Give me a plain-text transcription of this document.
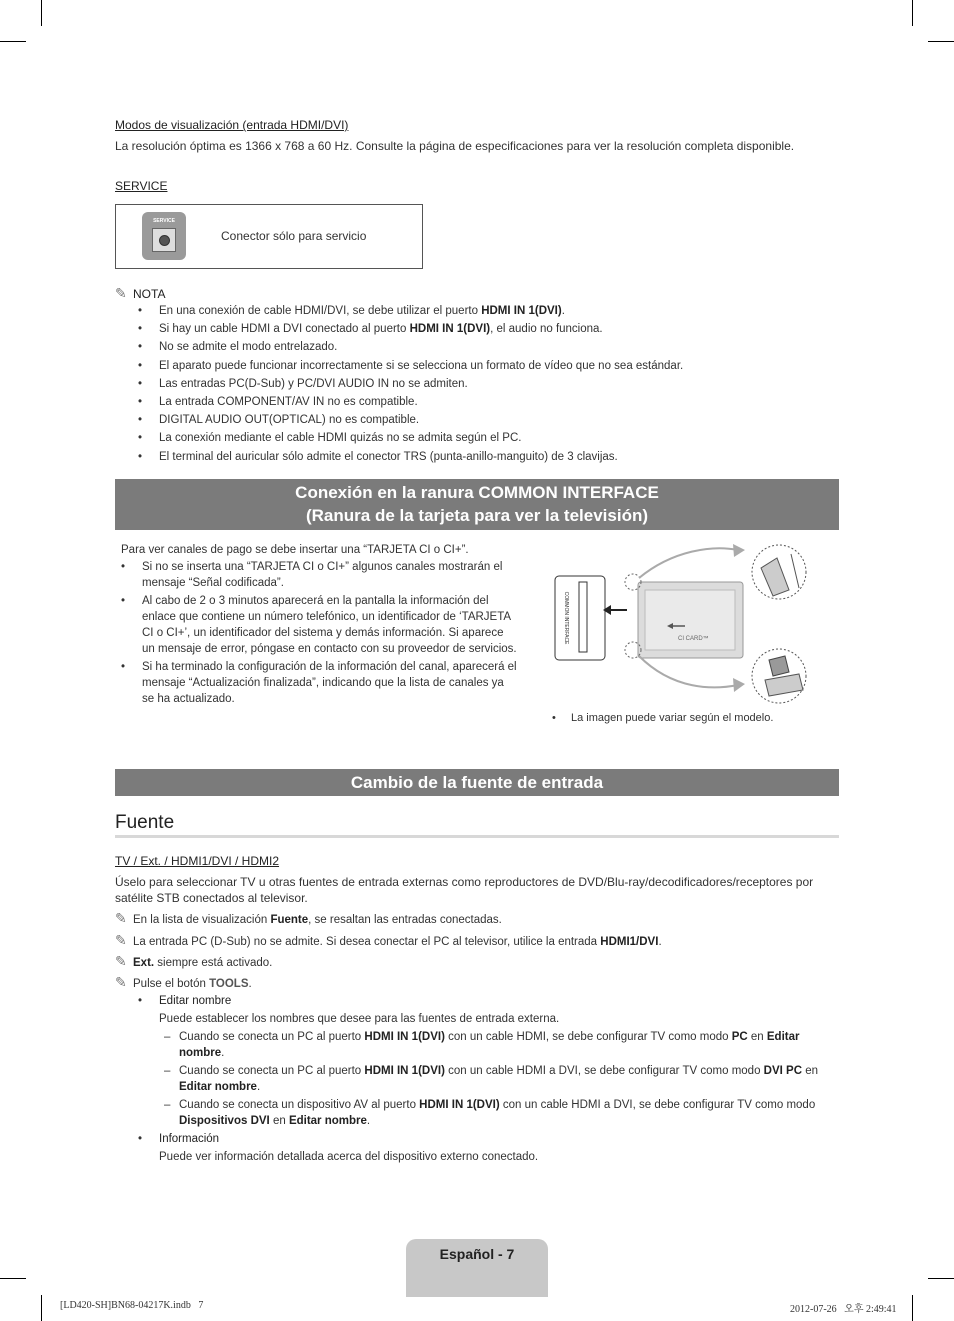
Modos de visualización (entrada HDMI/DVI)
La resolución óptima es 1366 x 768 a 60 Hz. Consulte la página de especificaciones para ver la resolución completa disponible.
SERVICE
SERVICE
Conector sólo para servicio
✎ NOTA
• En una conexión de cable HDMI/DVI, se debe utilizar el puerto HDMI IN 1(DVI).
• Si hay un cable HDMI a DVI conectado al puerto HDMI IN 1(DVI), el audio no funciona.
• No se admite el modo entrelazado.
• El aparato puede funcionar incorrectamente si se selecciona un formato de vídeo que no sea estándar.
• Las entradas PC(D-Sub) y PC/DVI AUDIO IN no se admiten.
• La entrada COMPONENT/AV IN no es compatible.
• DIGITAL AUDIO OUT(OPTICAL) no es compatible.
• La conexión mediante el cable HDMI quizás no se admita según el PC.
• El terminal del auricular sólo admite el conector TRS (punta-anillo-manguito) de 3 clavijas.
Conexión en la ranura COMMON INTERFACE
(Ranura de la tarjeta para ver la televisión)
Para ver canales de pago se debe insertar una “TARJETA CI o CI+”.
• Si no se inserta una “TARJETA CI o CI+” algunos canales mostrarán el mensaje “Señal codificada”.
• Al cabo de 2 o 3 minutos aparecerá en la pantalla la información del enlace que contiene un número telefónico, un identificador de ‘TARJETA CI o CI+’, un identificador del sistema y demás información. Si aparece un mensaje de error, póngase en contacto con su proveedor de servicios.
• Si ha terminado la configuración de la información del canal, aparecerá el mensaje “Actualización finalizada”, indicando que la lista de canales ya se ha actualizado.
COMMON INTERFACE	CI CARD™
• La imagen puede variar según el modelo.
Cambio de la fuente de entrada
Fuente
TV / Ext. / HDMI1/DVI / HDMI2
Úselo para seleccionar TV u otras fuentes de entrada externas como reproductores de DVD/Blu-ray/decodificadores/receptores por satélite STB conectados al televisor.
✎ En la lista de visualización Fuente, se resaltan las entradas conectadas.
✎ La entrada PC (D-Sub) no se admite. Si desea conectar el PC al televisor, utilice la entrada HDMI1/DVI.
✎ Ext. siempre está activado.
✎ Pulse el botón TOOLS.
• Editar nombre
Puede establecer los nombres que desee para las fuentes de entrada externa.
– Cuando se conecta un PC al puerto HDMI IN 1(DVI) con un cable HDMI, se debe configurar TV como modo PC en Editar nombre.
– Cuando se conecta un PC al puerto HDMI IN 1(DVI) con un cable HDMI a DVI, se debe configurar TV como modo DVI PC en Editar nombre.
– Cuando se conecta un dispositivo AV al puerto HDMI IN 1(DVI) con un cable HDMI a DVI, se debe configurar TV como modo Dispositivos DVI en Editar nombre.
• Información
Puede ver información detallada acerca del dispositivo externo conectado.
Español - 7
[LD420-SH]BN68-04217K.indb   7	2012-07-26   오후 2:49:41
